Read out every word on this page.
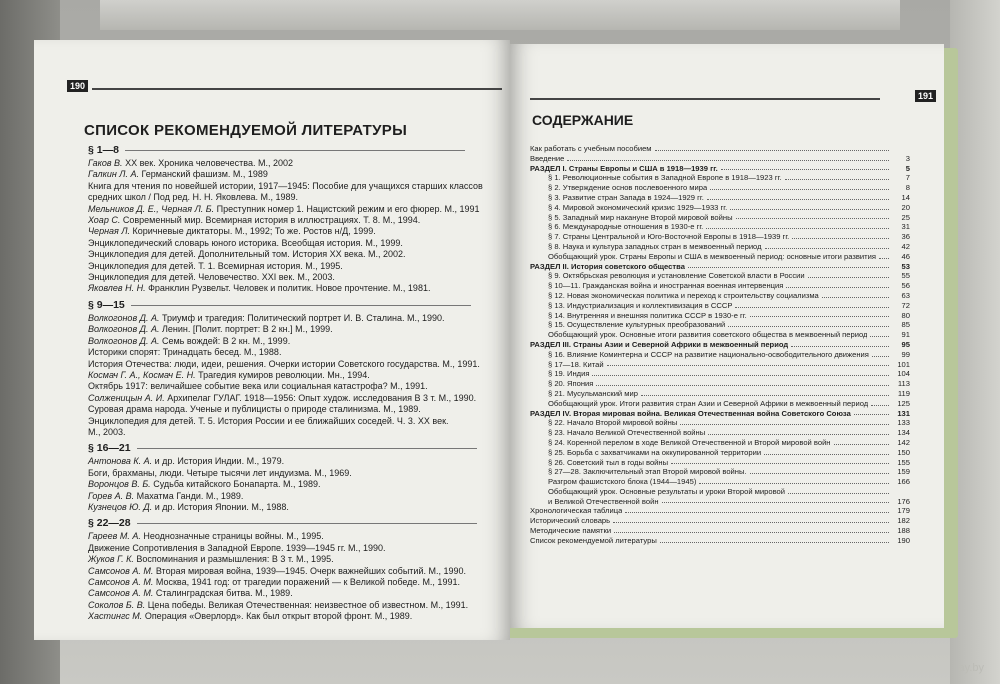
190
СПИСОК РЕКОМЕНДУЕМОЙ ЛИТЕРАТУРЫ
§ 1—8
Гаков В. XX век. Хроника человечества. М., 2002
Галкин Л. А. Германский фашизм. М., 1989
Книга для чтения по новейшей истории, 1917—1945: Пособие для учащихся старших классов
средних школ / Под ред. Н. Н. Яковлева. М., 1989.
Мельников Д. Е., Черная Л. Б. Преступник номер 1. Нацистский режим и его фюрер. М., 1991
Хоар С. Современный мир. Всемирная история в иллюстрациях. Т. 8. М., 1994.
Черная Л. Коричневые диктаторы. М., 1992; То же. Ростов н/Д, 1999.
Энциклопедический словарь юного историка. Всеобщая история. М., 1999.
Энциклопедия для детей. Дополнительный том. История XX века. М., 2002.
Энциклопедия для детей. Т. 1. Всемирная история. М., 1995.
Энциклопедия для детей. Человечество. XXI век. М., 2003.
Яковлев Н. Н. Франклин Рузвельт. Человек и политик. Новое прочтение. М., 1981.
§ 9—15
Волкогонов Д. А. Триумф и трагедия: Политический портрет И. В. Сталина. М., 1990.
Волкогонов Д. А. Ленин. [Полит. портрет: В 2 кн.] М., 1999.
Волкогонов Д. А. Семь вождей: В 2 кн. М., 1999.
Историки спорят: Тринадцать бесед. М., 1988.
История Отечества: люди, идеи, решения. Очерки истории Советского государства. М., 1991.
Космач Г. А., Космач Е. Н. Трагедия кумиров революции. Мн., 1994.
Октябрь 1917: величайшее событие века или социальная катастрофа? М., 1991.
Солженицын А. И. Архипелаг ГУЛАГ. 1918—1956: Опыт худож. исследования В 3 т. М., 1990.
Суровая драма народа. Ученые и публицисты о природе сталинизма. М., 1989.
Энциклопедия для детей. Т. 5. История России и ее ближайших соседей. Ч. 3. XX век.
М., 2003.
§ 16—21
Антонова К. А. и др. История Индии. М., 1979.
Боги, брахманы, люди. Четыре тысячи лет индуизма. М., 1969.
Воронцов В. Б. Судьба китайского Бонапарта. М., 1989.
Горев А. В. Махатма Ганди. М., 1989.
Кузнецов Ю. Д. и др. История Японии. М., 1988.
§ 22—28
Гареев М. А. Неоднозначные страницы войны. М., 1995.
Движение Сопротивления в Западной Европе. 1939—1945 гг. М., 1990.
Жуков Г. К. Воспоминания и размышления: В 3 т. М., 1995.
Самсонов А. М. Вторая мировая война, 1939—1945. Очерк важнейших событий. М., 1990.
Самсонов А. М. Москва, 1941 год: от трагедии поражений — к Великой победе. М., 1991.
Самсонов А. М. Сталинградская битва. М., 1989.
Соколов Б. В. Цена победы. Великая Отечественная: неизвестное об известном. М., 1991.
Хастингс М. Операция «Оверлорд». Как был открыт второй фронт. М., 1989.
191
СОДЕРЖАНИЕ
Как работать с учебным пособием
Введение	3
РАЗДЕЛ I. Страны Европы и США в 1918—1939 гг.	5
§ 1. Революционные события в Западной Европе в 1918—1923 гг.	7
§ 2. Утверждение основ послевоенного мира	8
§ 3. Развитие стран Запада в 1924—1929 гг.	14
§ 4. Мировой экономический кризис 1929—1933 гг.	20
§ 5. Западный мир накануне Второй мировой войны	25
§ 6. Международные отношения в 1930-е гг.	31
§ 7. Страны Центральной и Юго-Восточной Европы в 1918—1939 гг.	36
§ 8. Наука и культура западных стран в межвоенный период	42
Обобщающий урок. Страны Европы и США в межвоенный период: основные итоги развития	46
РАЗДЕЛ II. История советского общества	53
§ 9. Октябрьская революция и установление Советской власти в России	55
§ 10—11. Гражданская война и иностранная военная интервенция	56
§ 12. Новая экономическая политика и переход к строительству социализма	63
§ 13. Индустриализация и коллективизация в СССР	72
§ 14. Внутренняя и внешняя политика СССР в 1930-е гг.	80
§ 15. Осуществление культурных преобразований	85
Обобщающий урок. Основные итоги развития советского общества в межвоенный период	91
РАЗДЕЛ III. Страны Азии и Северной Африки в межвоенный период	95
§ 16. Влияние Коминтерна и СССР на развитие национально-освободительного движения	99
§ 17—18. Китай	101
§ 19. Индия	104
§ 20. Япония	113
§ 21. Мусульманский мир	119
Обобщающий урок. Итоги развития стран Азии и Северной Африки в межвоенный период	125
РАЗДЕЛ IV. Вторая мировая война. Великая Отечественная война Советского Союза	131
§ 22. Начало Второй мировой войны	133
§ 23. Начало Великой Отечественной войны	134
§ 24. Коренной перелом в ходе Великой Отечественной и Второй мировой войн	142
§ 25. Борьба с захватчиками на оккупированной территории	150
§ 26. Советский тыл в годы войны	155
§ 27—28. Заключительный этап Второй мировой войны.	159
Разгром фашистского блока (1944—1945)	166
Обобщающий урок. Основные результаты и уроки Второй мировой
и Великой Отечественной войн	176
Хронологическая таблица	179
Исторический словарь	182
Методические памятки	188
Список рекомендуемой литературы	190
ay.by
